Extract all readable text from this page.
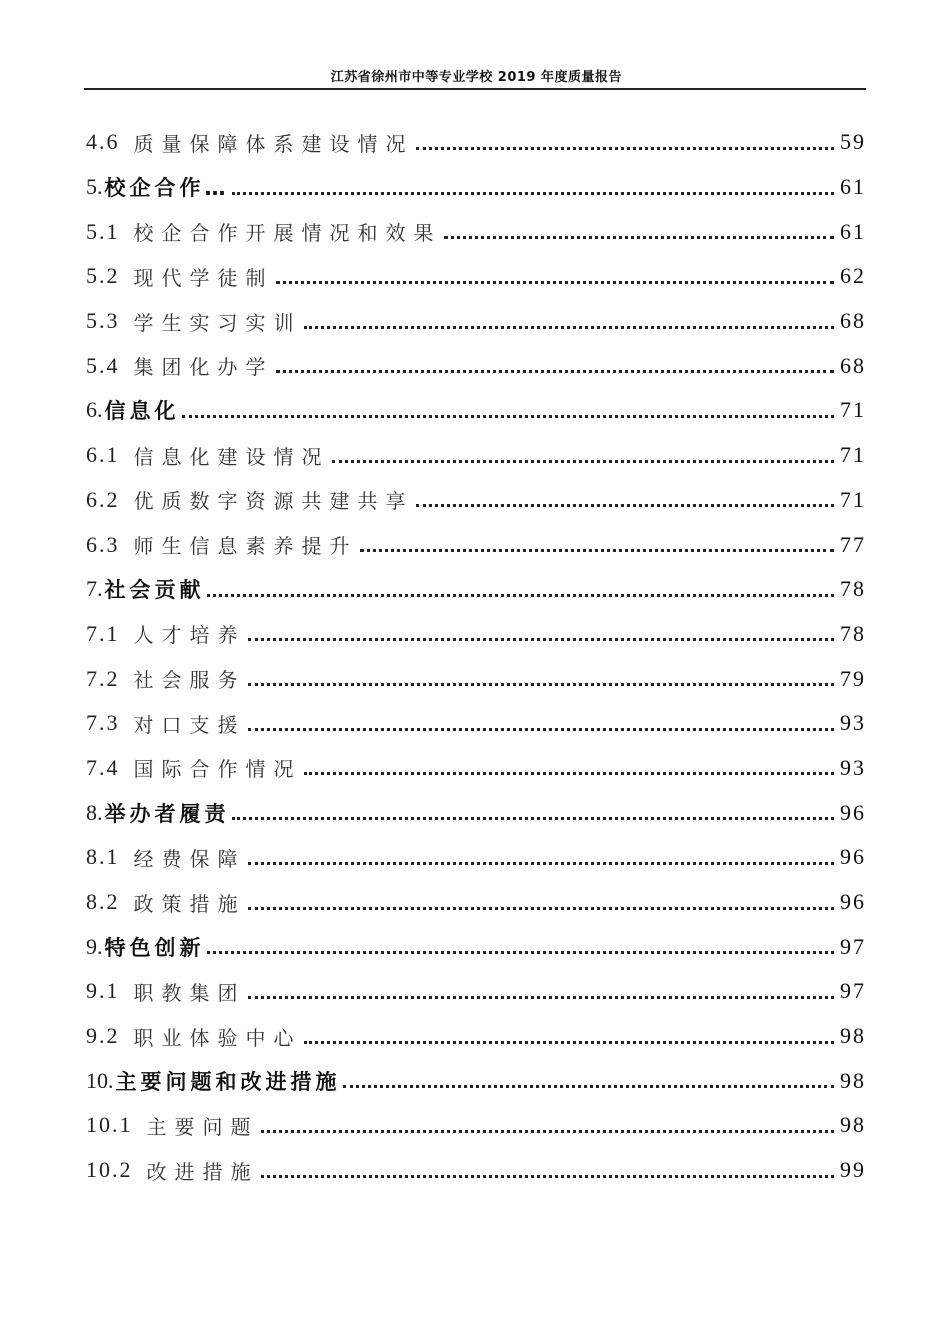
江苏省徐州市中等专业学校 2019 年度质量报告
4.6 质量保障体系建设情况	59
5. 校企合作…	61
5.1 校企合作开展情况和效果	61
5.2 现代学徒制	62
5.3 学生实习实训	68
5.4 集团化办学	68
6. 信息化	71
6.1 信息化建设情况	71
6.2 优质数字资源共建共享	71
6.3 师生信息素养提升	77
7. 社会贡献	78
7.1 人才培养	78
7.2 社会服务	79
7.3 对口支援	93
7.4 国际合作情况	93
8. 举办者履责	96
8.1 经费保障	96
8.2 政策措施	96
9. 特色创新	97
9.1 职教集团	97
9.2 职业体验中心	98
10. 主要问题和改进措施	98
10.1 主要问题	98
10.2 改进措施	99
